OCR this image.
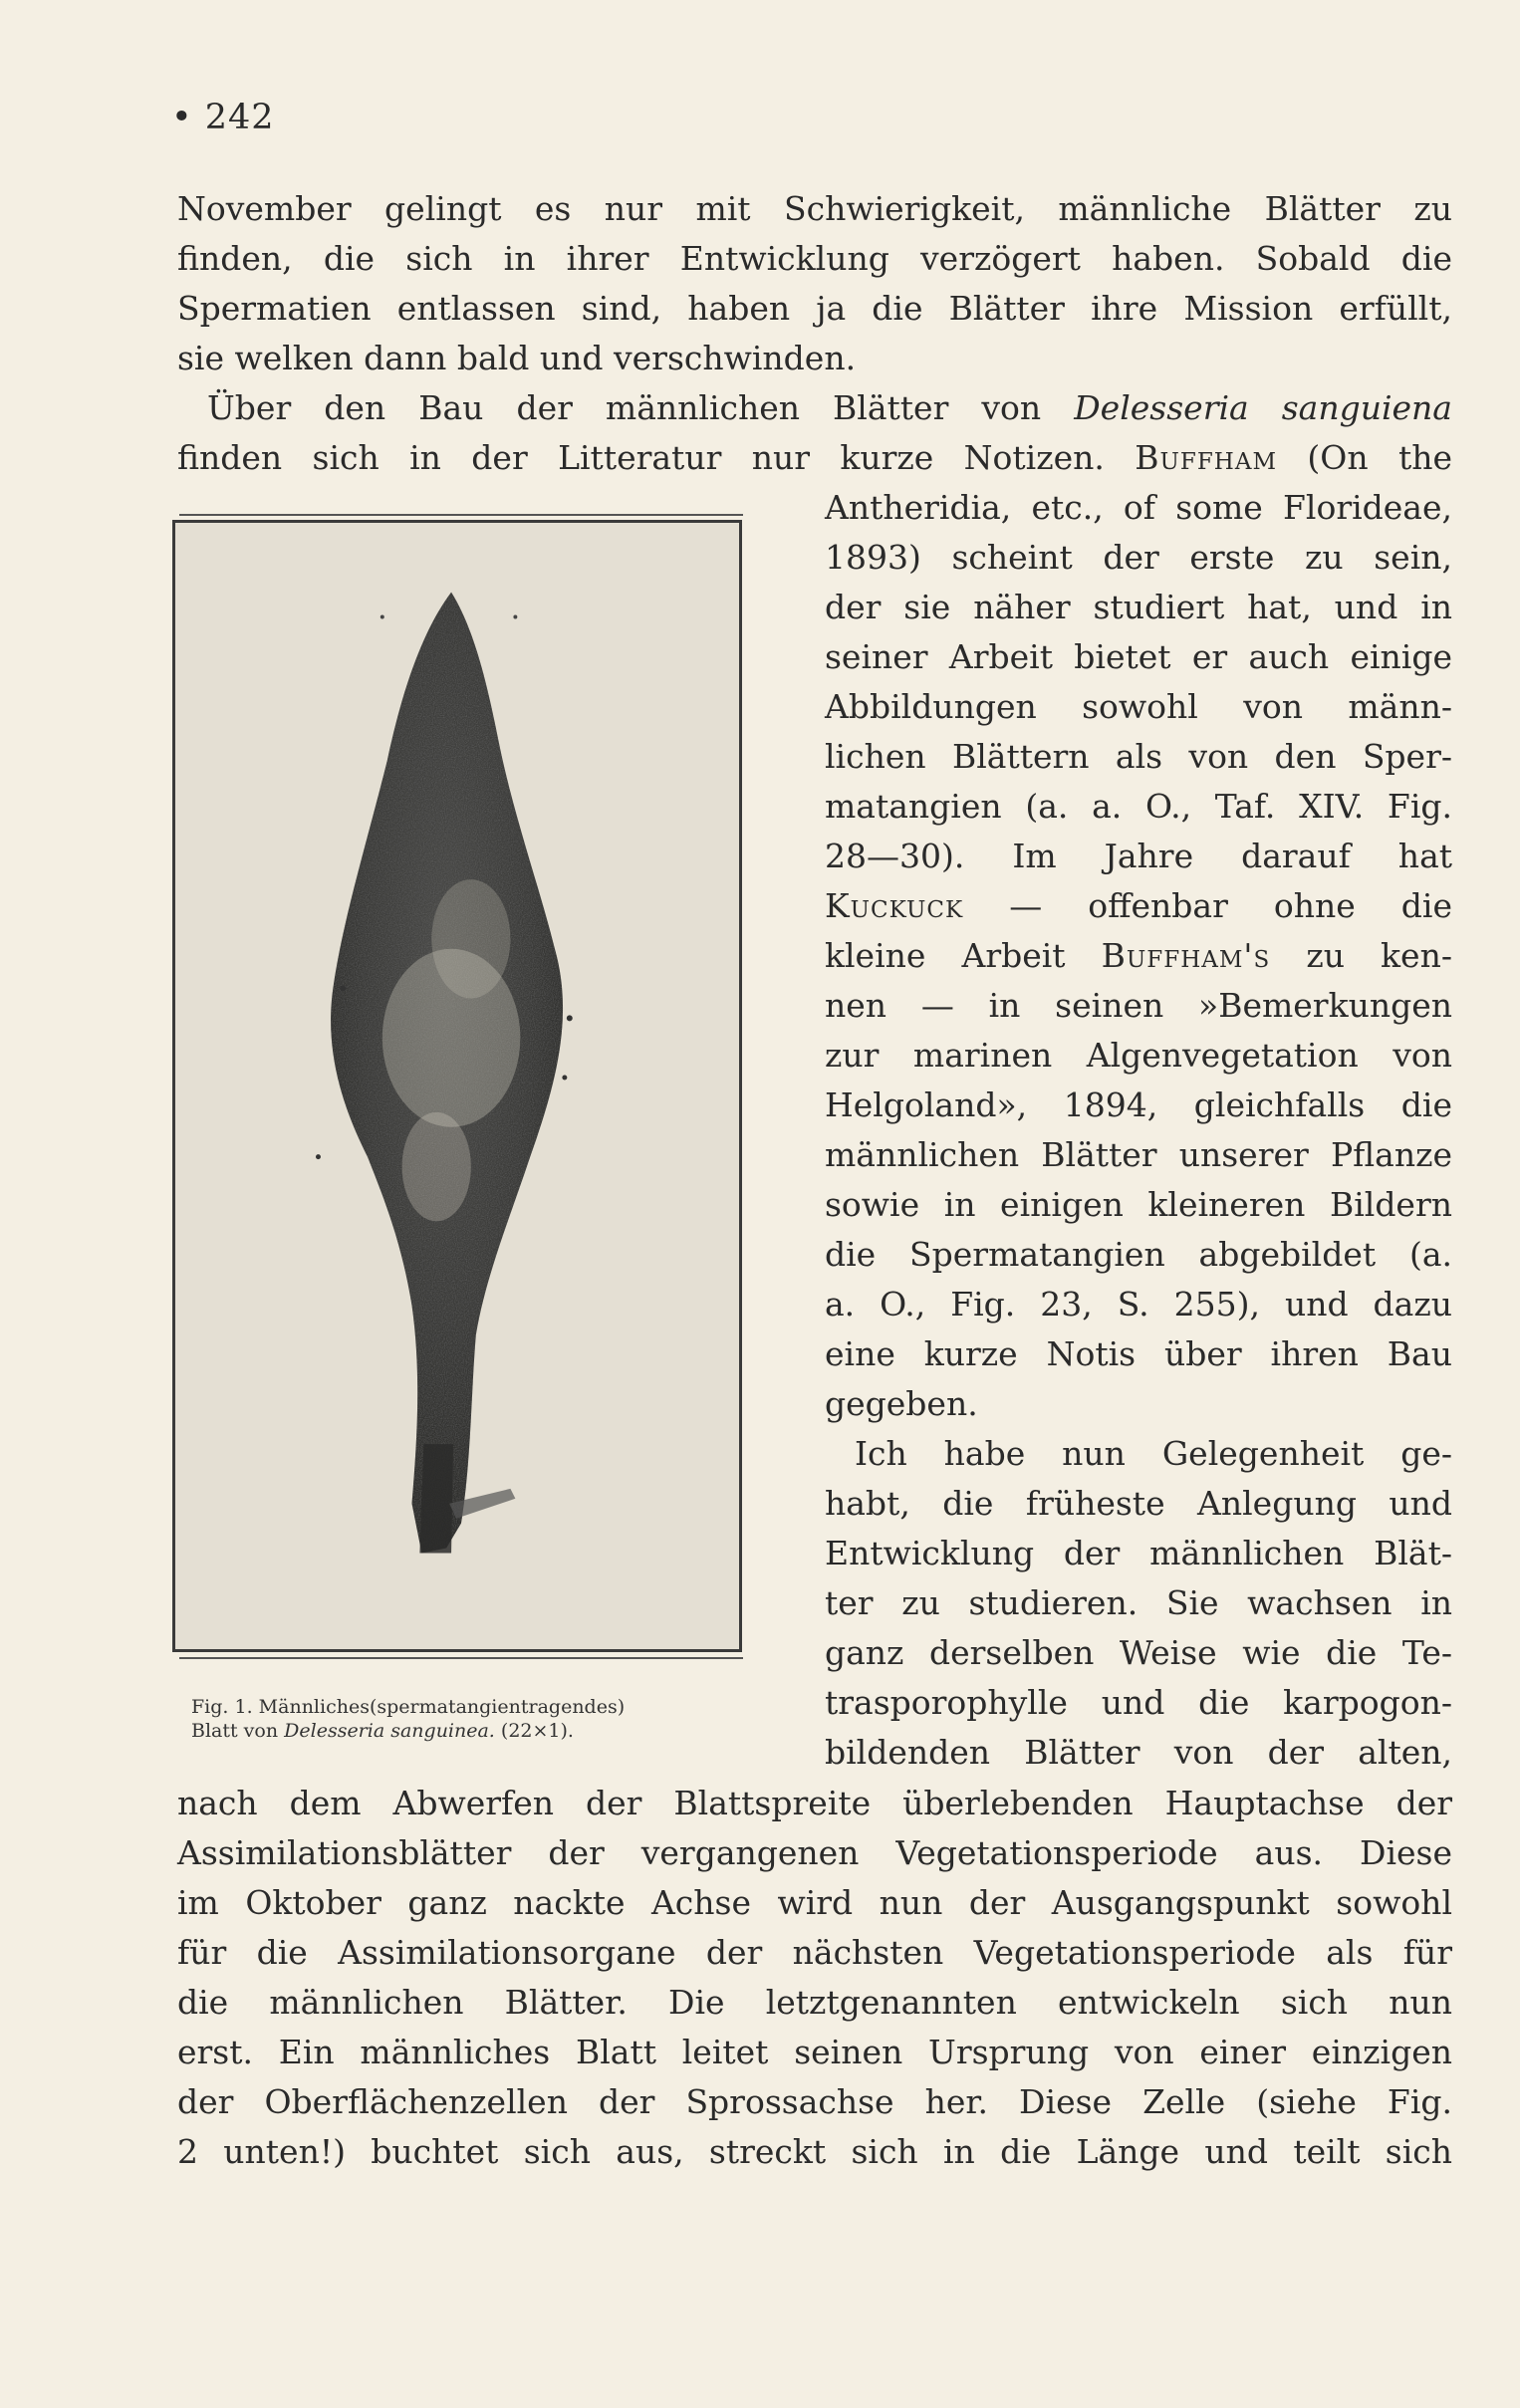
• 242
November gelingt es nur mit Schwierigkeit, männliche Blätter zu
finden, die sich in ihrer Entwicklung verzögert haben. Sobald die
Spermatien entlassen sind, haben ja die Blätter ihre Mission erfüllt,
sie welken dann bald und verschwinden.
Über den Bau der männlichen Blätter von Delesseria sanguiena
finden sich in der Litteratur nur kurze Notizen. Buffham (On the
Fig. 1. Männliches(spermatangientragendes)
Blatt von Delesseria sanguinea. (22×1).
Antheridia, etc., of some Florideae,
1893) scheint der erste zu sein,
der sie näher studiert hat, und in
seiner Arbeit bietet er auch einige
Abbildungen sowohl von männ-
lichen Blättern als von den Sper-
matangien (a. a. O., Taf. XIV. Fig.
28—30). Im Jahre darauf hat
Kuckuck — offenbar ohne die
kleine Arbeit Buffham's zu ken-
nen — in seinen »Bemerkungen
zur marinen Algenvegetation von
Helgoland», 1894, gleichfalls die
männlichen Blätter unserer Pflanze
sowie in einigen kleineren Bildern
die Spermatangien abgebildet (a.
a. O., Fig. 23, S. 255), und dazu
eine kurze Notis über ihren Bau
gegeben.
Ich habe nun Gelegenheit ge-
habt, die früheste Anlegung und
Entwicklung der männlichen Blät-
ter zu studieren. Sie wachsen in
ganz derselben Weise wie die Te-
trasporophylle und die karpogon-
bildenden Blätter von der alten,
nach dem Abwerfen der Blattspreite überlebenden Hauptachse der
Assimilationsblätter der vergangenen Vegetationsperiode aus. Diese
im Oktober ganz nackte Achse wird nun der Ausgangspunkt sowohl
für die Assimilationsorgane der nächsten Vegetationsperiode als für
die männlichen Blätter. Die letztgenannten entwickeln sich nun
erst. Ein männliches Blatt leitet seinen Ursprung von einer einzigen
der Oberflächenzellen der Sprossachse her. Diese Zelle (siehe Fig.
2 unten!) buchtet sich aus, streckt sich in die Länge und teilt sich
